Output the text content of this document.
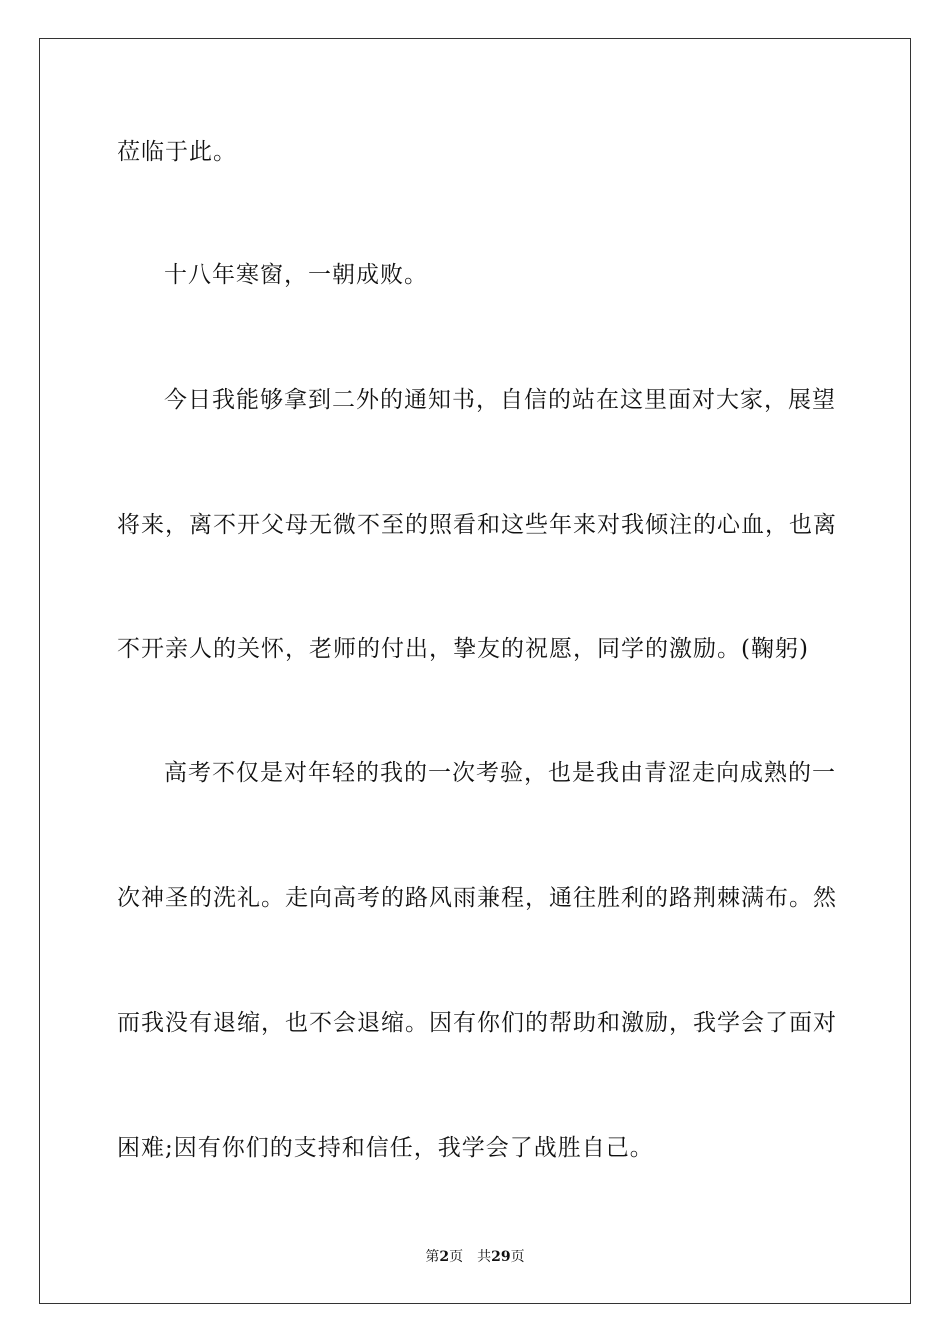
莅临于此。
十八年寒窗，一朝成败。
今日我能够拿到二外的通知书，自信的站在这里面对大家，展望
将来，离不开父母无微不至的照看和这些年来对我倾注的心血，也离
不开亲人的关怀，老师的付出，挚友的祝愿，同学的激励。(鞠躬)
高考不仅是对年轻的我的一次考验，也是我由青涩走向成熟的一
次神圣的洗礼。走向高考的路风雨兼程，通往胜利的路荆棘满布。然
而我没有退缩，也不会退缩。因有你们的帮助和激励，我学会了面对
困难;因有你们的支持和信任，我学会了战胜自己。
第2页 共29页
